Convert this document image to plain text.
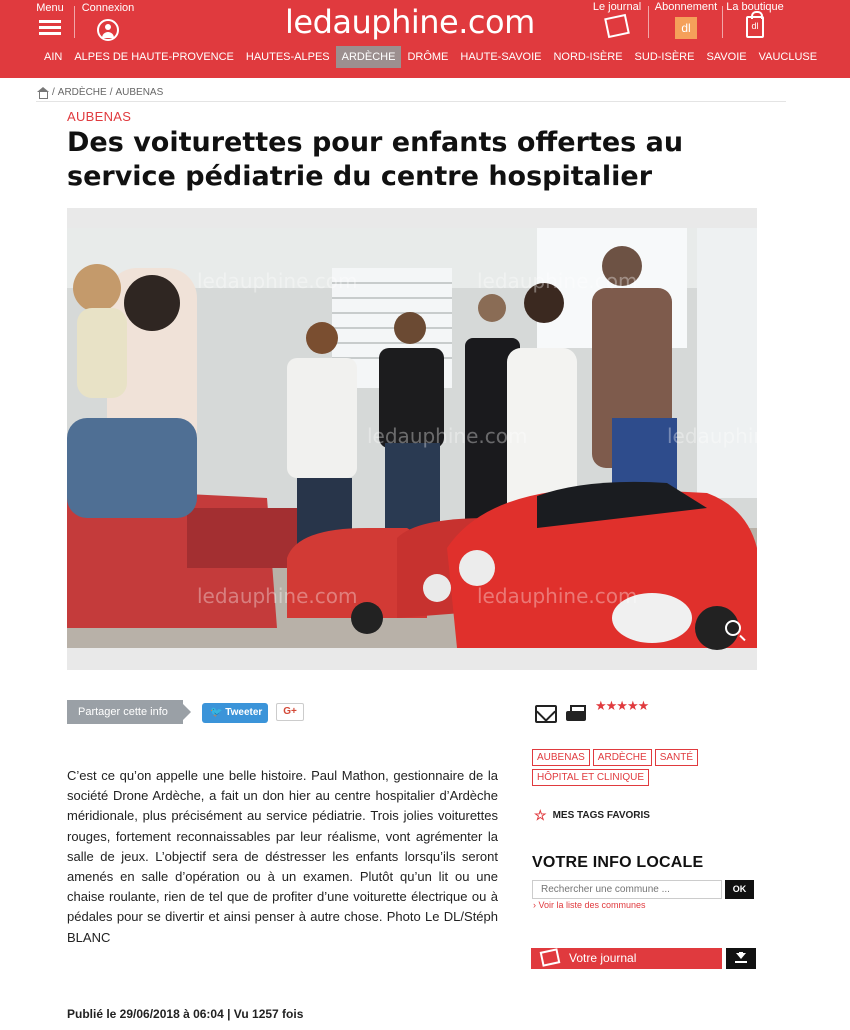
Menu	Connexion	ledauphine.com	Le journal Abonnement
dl
La boutique
dl
AIN	ALPES DE HAUTE-PROVENCE	HAUTES-ALPES	ARDÈCHE	DRÔME	HAUTE-SAVOIE	NORD-ISÈRE	SUD-ISÈRE	SAVOIE	VAUCLUSE
/ ARDÈCHE / AUBENAS
AUBENAS
Des voiturettes pour enfants offertes au service pédiatrie du centre hospitalier
ledauphine.com
ledauphine.com
ledauphine.com	ledauphine.com
ledauphine.com
ledauphine.com
Partager cette info	🐦 Tweeter	G+	★★★★★
AUBENAS	ARDÈCHE	SANTÉ
HÔPITAL ET CLINIQUE
☆ MES TAGS FAVORIS
VOTRE INFO LOCALE
Rechercher une commune ...
OK
› Voir la liste des communes
Votre journal

C’est ce qu’on appelle une belle histoire. Paul Mathon, gestionnaire de la société Drone Ardèche, a fait un don hier au centre hospitalier d’Ardèche méridionale, plus précisément au service pédiatrie. Trois jolies voiturettes rouges, fortement reconnaissables par leur réalisme, vont agrémenter la salle de jeux. L’objectif sera de déstresser les enfants lorsqu’ils seront amenés en salle d’opération ou à un examen. Plutôt qu’un lit ou une chaise roulante, rien de tel que de profiter d’une voiturette électrique ou à pédales pour se divertir et ainsi penser à autre chose. Photo Le DL/Stéph BLANC

Publié le 29/06/2018 à 06:04 | Vu 1257 fois
